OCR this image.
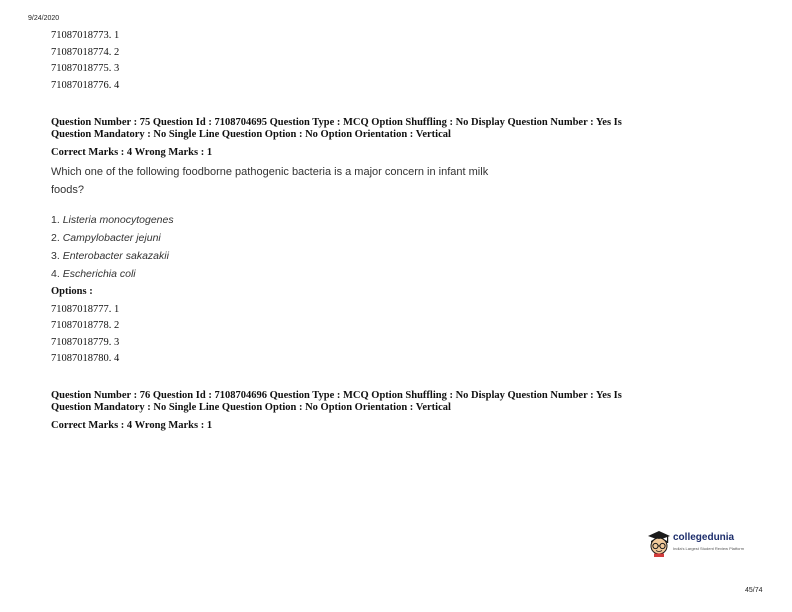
9/24/2020
71087018773. 1
71087018774. 2
71087018775. 3
71087018776. 4
Question Number : 75 Question Id : 7108704695 Question Type : MCQ Option Shuffling : No Display Question Number : Yes Is
Question Mandatory : No Single Line Question Option : No Option Orientation : Vertical
Correct Marks : 4 Wrong Marks : 1
Which one of the following foodborne pathogenic bacteria is a major concern in infant milk
foods?
1. Listeria monocytogenes
2. Campylobacter jejuni
3. Enterobacter sakazakii
4. Escherichia coli
Options :
71087018777. 1
71087018778. 2
71087018779. 3
71087018780. 4
Question Number : 76 Question Id : 7108704696 Question Type : MCQ Option Shuffling : No Display Question Number : Yes Is
Question Mandatory : No Single Line Question Option : No Option Orientation : Vertical
Correct Marks : 4 Wrong Marks : 1
collegedunia
India's Largest Student Review Platform
45/74
